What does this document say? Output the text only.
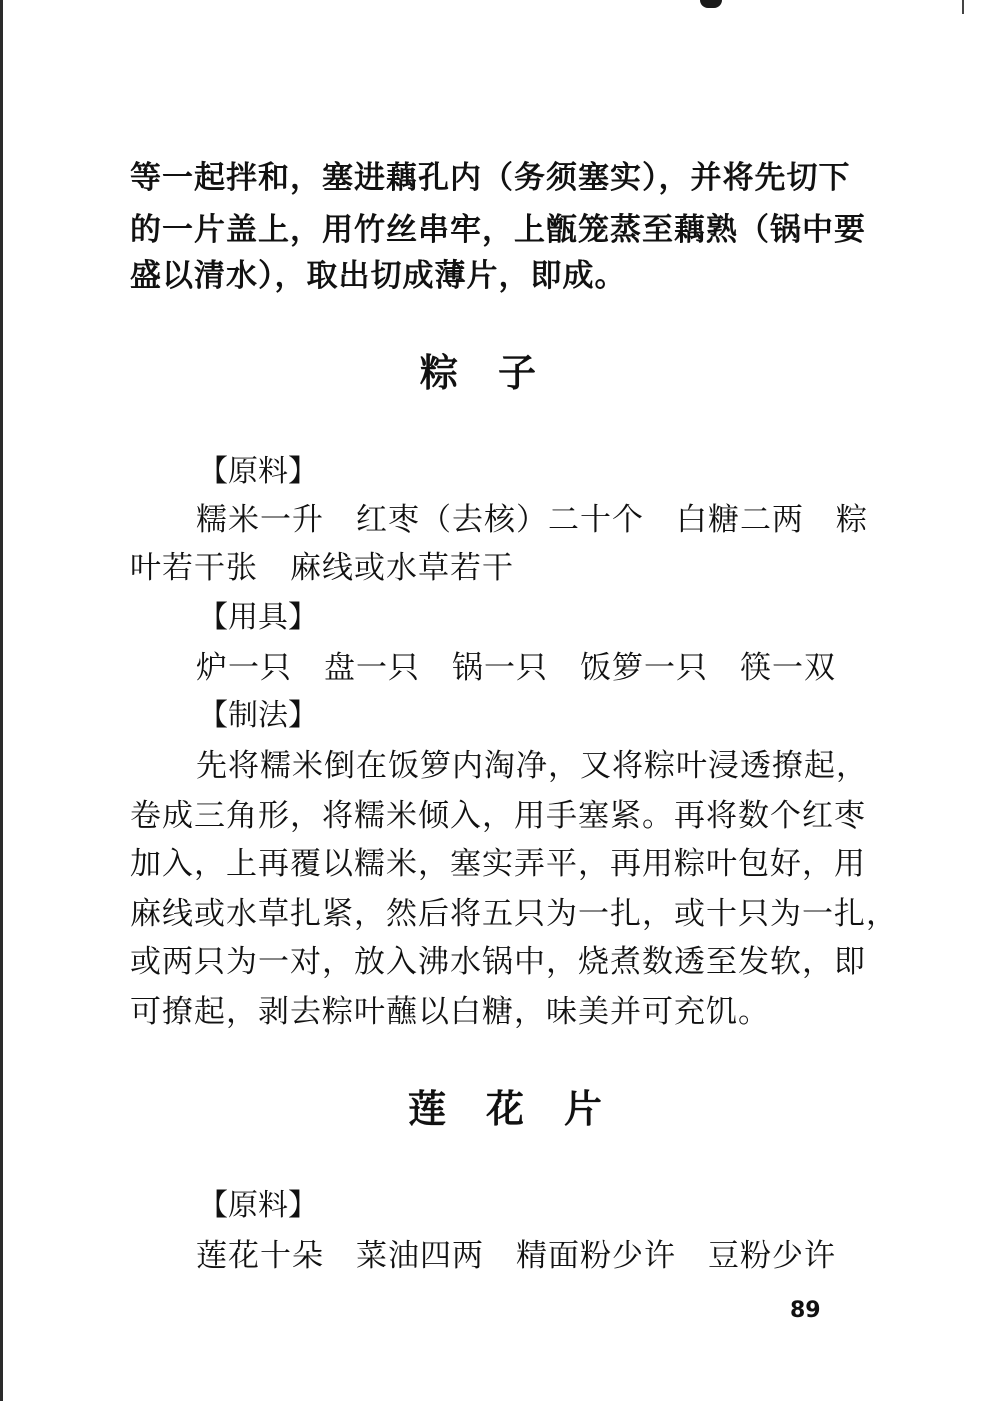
等一起拌和，塞进藕孔内（务须塞实），并将先切下
的一片盖上，用竹丝串牢，上甑笼蒸至藕熟（锅中要
盛以清水），取出切成薄片，即成。
粽　子
【原料】
糯米一升　红枣（去核）二十个　白糖二两　粽
叶若干张　麻线或水草若干
【用具】
炉一只　盘一只　锅一只　饭箩一只　筷一双
【制法】
先将糯米倒在饭箩内淘净，又将粽叶浸透撩起，
卷成三角形，将糯米倾入，用手塞紧。再将数个红枣
加入，上再覆以糯米，塞实弄平，再用粽叶包好，用
麻线或水草扎紧，然后将五只为一扎，或十只为一扎，
或两只为一对，放入沸水锅中，烧煮数透至发软，即
可撩起，剥去粽叶蘸以白糖，味美并可充饥。
莲　花　片
【原料】
莲花十朵　菜油四两　精面粉少许　豆粉少许
89
